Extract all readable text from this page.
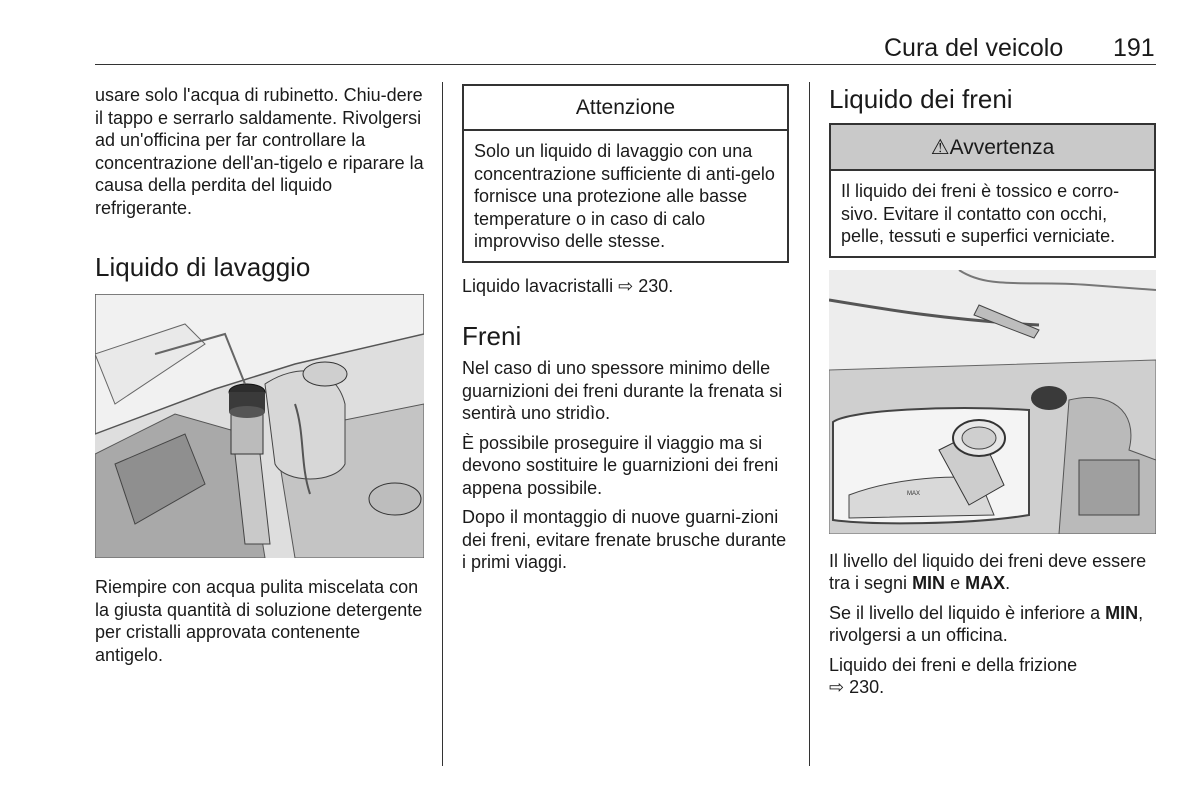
Cura del veicolo 191

usare solo l'acqua di rubinetto. Chiu-dere il tappo e serrarlo saldamente. Rivolgersi ad un'officina per far controllare la concentrazione dell'an-tigelo e riparare la causa della perdita del liquido refrigerante.

Liquido di lavaggio

Riempire con acqua pulita miscelata con la giusta quantità di soluzione detergente per cristalli approvata contenente antigelo.

Attenzione
Solo un liquido di lavaggio con una concentrazione sufficiente di anti-gelo fornisce una protezione alle basse temperature o in caso di calo improvviso delle stesse.

Liquido lavacristalli ⇨ 230.

Freni

Nel caso di uno spessore minimo delle guarnizioni dei freni durante la frenata si sentirà uno stridìo.

È possibile proseguire il viaggio ma si devono sostituire le guarnizioni dei freni appena possibile.

Dopo il montaggio di nuove guarni-zioni dei freni, evitare frenate brusche durante i primi viaggi.

Liquido dei freni
⚠Avvertenza
Il liquido dei freni è tossico e corro-sivo. Evitare il contatto con occhi, pelle, tessuti e superfici verniciate.
MAX

Il livello del liquido dei freni deve essere tra i segni MIN e MAX.

Se il livello del liquido è inferiore a MIN, rivolgersi a un officina.

Liquido dei freni e della frizione
⇨ 230.
